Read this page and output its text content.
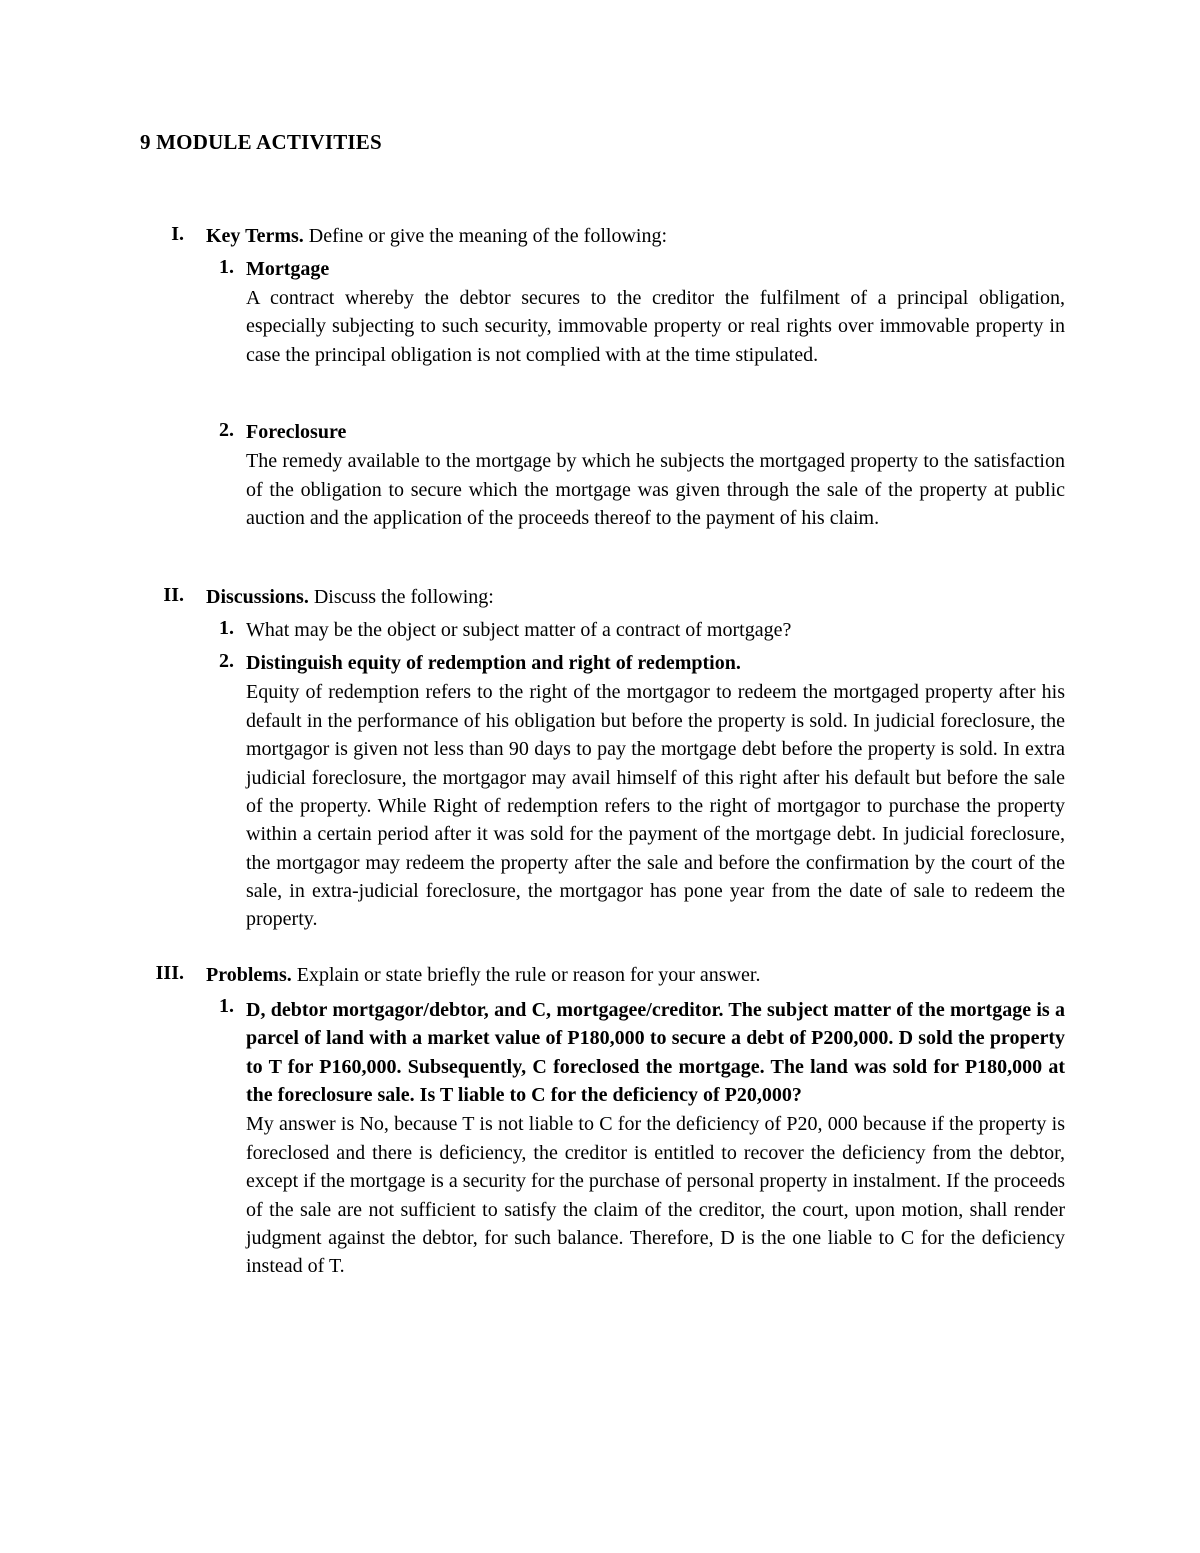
9 MODULE ACTIVITIES
I.	Key Terms. Define or give the meaning of the following:
1. Mortgage
A contract whereby the debtor secures to the creditor the fulfilment of a principal obligation, especially subjecting to such security, immovable property or real rights over immovable property in case the principal obligation is not complied with at the time stipulated.
2. Foreclosure
The remedy available to the mortgage by which he subjects the mortgaged property to the satisfaction of the obligation to secure which the mortgage was given through the sale of the property at public auction and the application of the proceeds thereof to the payment of his claim.
II.	Discussions. Discuss the following:
1. What may be the object or subject matter of a contract of mortgage?
2. Distinguish equity of redemption and right of redemption.
Equity of redemption refers to the right of the mortgagor to redeem the mortgaged property after his default in the performance of his obligation but before the property is sold. In judicial foreclosure, the mortgagor is given not less than 90 days to pay the mortgage debt before the property is sold. In extra judicial foreclosure, the mortgagor may avail himself of this right after his default but before the sale of the property. While Right of redemption refers to the right of mortgagor to purchase the property within a certain period after it was sold for the payment of the mortgage debt. In judicial foreclosure, the mortgagor may redeem the property after the sale and before the confirmation by the court of the sale, in extra-judicial foreclosure, the mortgagor has pone year from the date of sale to redeem the property.
III.	Problems. Explain or state briefly the rule or reason for your answer.
1. D, debtor mortgagor/debtor, and C, mortgagee/creditor. The subject matter of the mortgage is a parcel of land with a market value of P180,000 to secure a debt of P200,000. D sold the property to T for P160,000. Subsequently, C foreclosed the mortgage. The land was sold for P180,000 at the foreclosure sale. Is T liable to C for the deficiency of P20,000?
My answer is No, because T is not liable to C for the deficiency of P20, 000 because if the property is foreclosed and there is deficiency, the creditor is entitled to recover the deficiency from the debtor, except if the mortgage is a security for the purchase of personal property in instalment. If the proceeds of the sale are not sufficient to satisfy the claim of the creditor, the court, upon motion, shall render judgment against the debtor, for such balance. Therefore, D is the one liable to C for the deficiency instead of T.
